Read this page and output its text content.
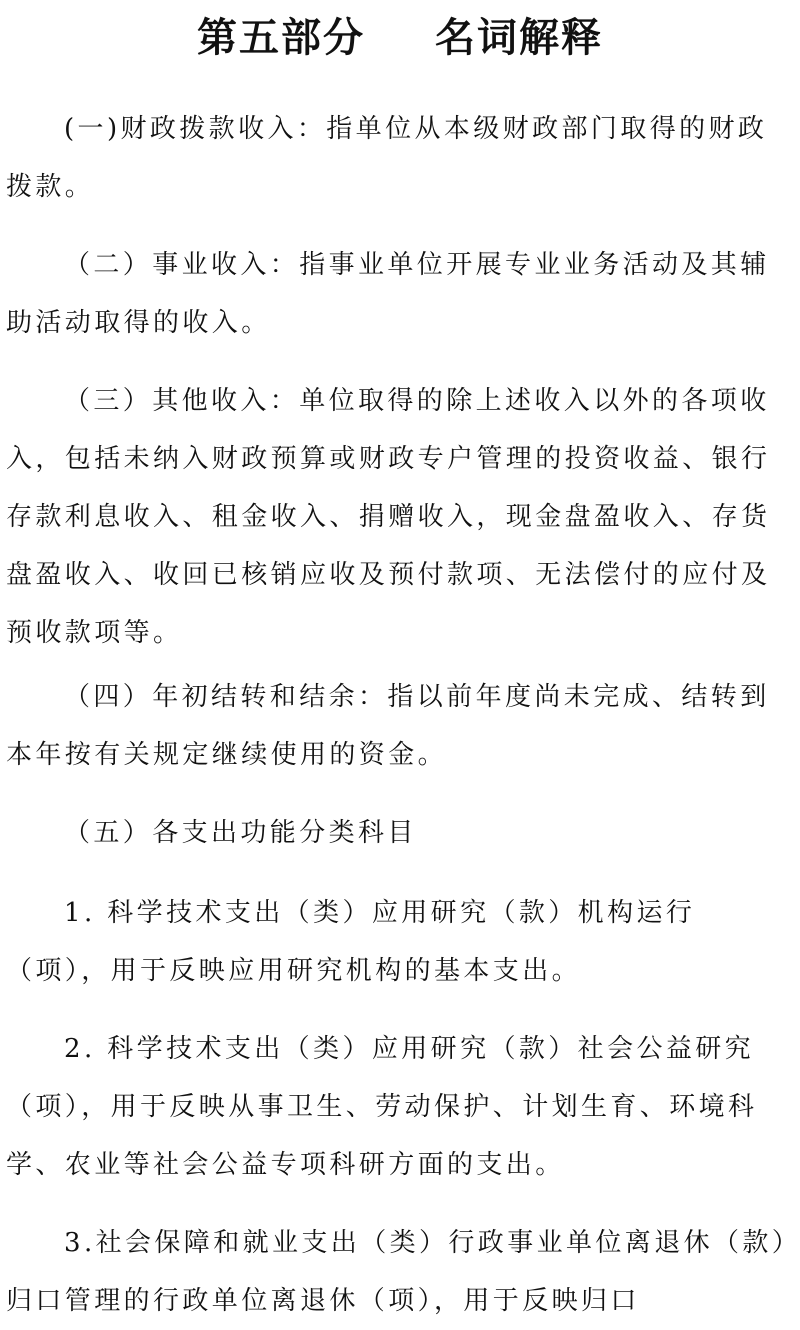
第五部分 名词解释

(一)财政拨款收入：指单位从本级财政部门取得的财政拨款。

（二）事业收入：指事业单位开展专业业务活动及其辅助活动取得的收入。

（三）其他收入：单位取得的除上述收入以外的各项收入，包括未纳入财政预算或财政专户管理的投资收益、银行存款利息收入、租金收入、捐赠收入，现金盘盈收入、存货盘盈收入、收回已核销应收及预付款项、无法偿付的应付及预收款项等。

（四）年初结转和结余：指以前年度尚未完成、结转到本年按有关规定继续使用的资金。

（五）各支出功能分类科目

1. 科学技术支出（类）应用研究（款）机构运行（项），用于反映应用研究机构的基本支出。

2. 科学技术支出（类）应用研究（款）社会公益研究（项），用于反映从事卫生、劳动保护、计划生育、环境科学、农业等社会公益专项科研方面的支出。

3.社会保障和就业支出（类）行政事业单位离退休（款）归口管理的行政单位离退休（项），用于反映归口
